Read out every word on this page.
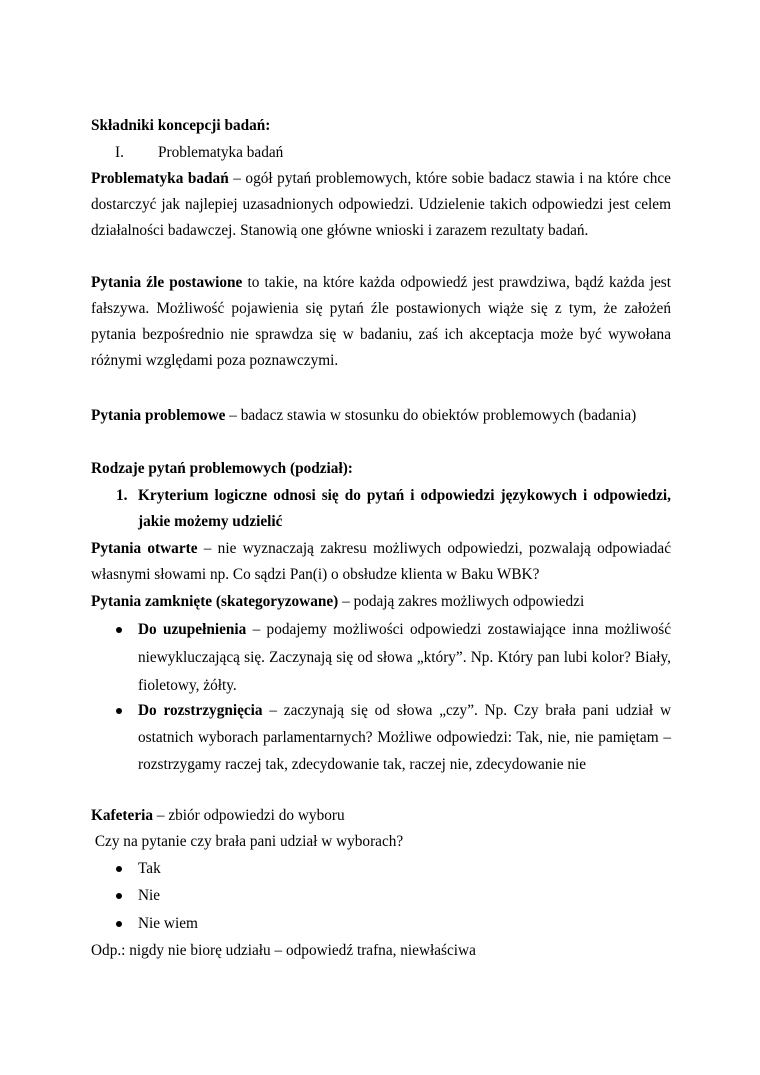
Składniki koncepcji badań:
I. Problematyka badań
Problematyka badań – ogół pytań problemowych, które sobie badacz stawia i na które chce
dostarczyć jak najlepiej uzasadnionych odpowiedzi. Udzielenie takich odpowiedzi jest celem
działalności badawczej. Stanowią one główne wnioski i zarazem rezultaty badań.
Pytania źle postawione to takie, na które każda odpowiedź jest prawdziwa, bądź każda jest
fałszywa. Możliwość pojawienia się pytań źle postawionych wiąże się z tym, że założeń
pytania bezpośrednio nie sprawdza się w badaniu, zaś ich akceptacja może być wywołana
różnymi względami poza poznawczymi.
Pytania problemowe – badacz stawia w stosunku do obiektów problemowych (badania)
Rodzaje pytań problemowych (podział):
1. Kryterium logiczne odnosi się do pytań i odpowiedzi językowych i odpowiedzi,
jakie możemy udzielić
Pytania otwarte – nie wyznaczają zakresu możliwych odpowiedzi, pozwalają odpowiadać
własnymi słowami np. Co sądzi Pan(i) o obsłudze klienta w Baku WBK?
Pytania zamknięte (skategoryzowane) – podają zakres możliwych odpowiedzi
Do uzupełnienia – podajemy możliwości odpowiedzi zostawiające inna możliwość
niewykluczającą się. Zaczynają się od słowa „który”. Np. Który pan lubi kolor? Biały,
fioletowy, żółty.
Do rozstrzygnięcia – zaczynają się od słowa „czy”. Np. Czy brała pani udział w
ostatnich wyborach parlamentarnych? Możliwe odpowiedzi: Tak, nie, nie pamiętam –
rozstrzygamy raczej tak, zdecydowanie tak, raczej nie, zdecydowanie nie
Kafeteria – zbiór odpowiedzi do wyboru
Czy na pytanie czy brała pani udział w wyborach?
Tak
Nie
Nie wiem
Odp.: nigdy nie biorę udziału – odpowiedź trafna, niewłaściwa
